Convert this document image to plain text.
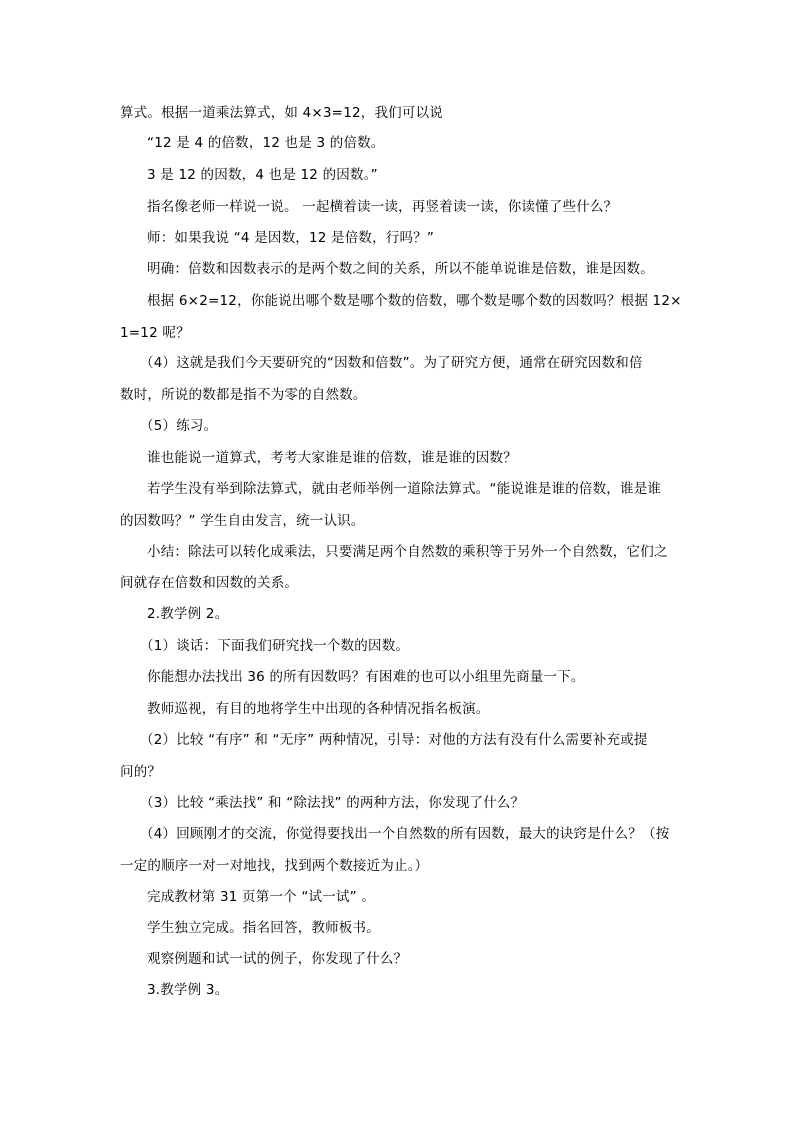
算式。根据一道乘法算式，如 4×3=12，我们可以说
“12 是 4 的倍数，12 也是 3 的倍数。
3 是 12 的因数，4 也是 12 的因数。”
指名像老师一样说一说。 一起横着读一读，再竖着读一读，你读懂了些什么？
师：如果我说 “4 是因数，12 是倍数，行吗？”
明确：倍数和因数表示的是两个数之间的关系，所以不能单说谁是倍数，谁是因数。
根据 6×2=12，你能说出哪个数是哪个数的倍数，哪个数是哪个数的因数吗？根据 12×
1=12 呢？
（4）这就是我们今天要研究的“因数和倍数”。为了研究方便，通常在研究因数和倍
数时，所说的数都是指不为零的自然数。
（5）练习。
谁也能说一道算式，考考大家谁是谁的倍数，谁是谁的因数？
若学生没有举到除法算式，就由老师举例一道除法算式。“能说谁是谁的倍数，谁是谁
的因数吗？” 学生自由发言，统一认识。
小结：除法可以转化成乘法，只要满足两个自然数的乘积等于另外一个自然数，它们之
间就存在倍数和因数的关系。
2.教学例 2。
（1）谈话：下面我们研究找一个数的因数。
你能想办法找出 36 的所有因数吗？有困难的也可以小组里先商量一下。
教师巡视，有目的地将学生中出现的各种情况指名板演。
（2）比较 “有序” 和 “无序” 两种情况，引导：对他的方法有没有什么需要补充或提
问的？
（3）比较 “乘法找” 和 “除法找” 的两种方法，你发现了什么？
（4）回顾刚才的交流，你觉得要找出一个自然数的所有因数，最大的诀窍是什么？（按
一定的顺序一对一对地找，找到两个数接近为止。）
完成教材第 31 页第一个 “试一试” 。
学生独立完成。指名回答，教师板书。
观察例题和试一试的例子，你发现了什么？
3.教学例 3。
